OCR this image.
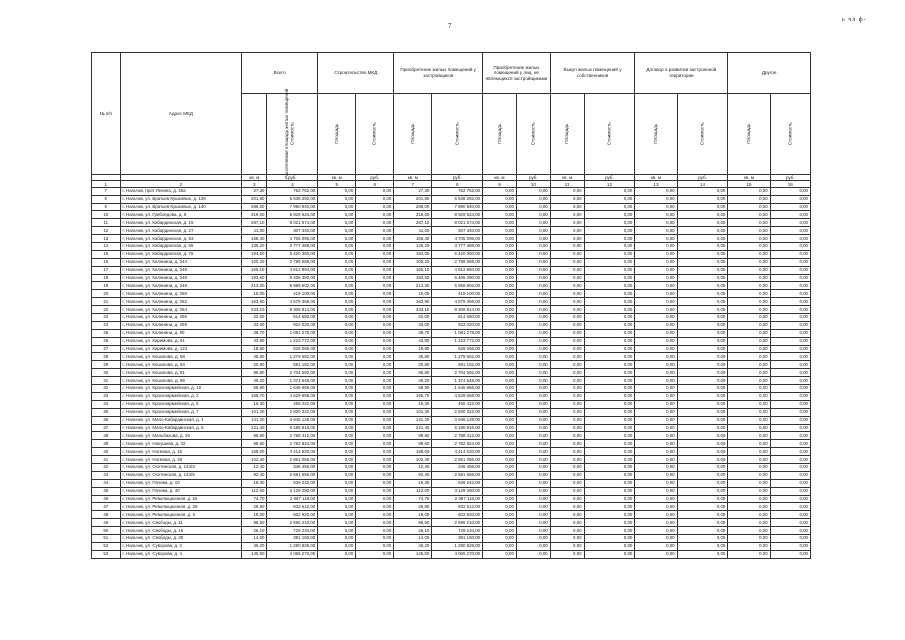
7
ь чл ф-
№ п/п	Адрес МКД	Всего		Строительство МКД		Приобретение жилых помещений у застройщиков		Приобретение жилых помещений у лиц, не являющихся застройщиками		Выкуп жилых помещений у собственников		Договор о развитии застроенной территории		Другое	
		Расселяемая площадь жилых помещений	Стоимость	Площадь	Стоимость	Площадь	Стоимость	Площадь	Стоимость	Площадь	Стоимость	Площадь	Стоимость	Площадь	Стоимость
		кв. м	руб.	кв. м	руб.	кв. м	руб.	кв. м	руб.	кв. м	руб.	кв. м	руб.	кв. м	руб.
1	2	3	4	5	6	7	8	9	10	11	12	13	14	15	16
7	г. Нальчик, прот Ленина, д. 48а	27,30	762 762,00	0,00	0,00	27,30	762 762,00	0,00	0,00	0,00	0,00	0,00	0,00	0,00	0,00
8	г. Нальчик, ул. Братьев Кушховых, д. 139	201,80	5 638 292,00	0,00	0,00	201,80	5 638 292,00	0,00	0,00	0,00	0,00	0,00	0,00	0,00	0,00
9	г. Нальчик, ул. Братьев Кушховых, д. 140	286,00	7 990 840,00	0,00	0,00	286,00	7 990 840,00	0,00	0,00	0,00	0,00	0,00	0,00	0,00	0,00
10	г. Нальчик, ул. Грибоедова, д. 8	319,00	8 929 624,00	0,00	0,00	319,00	8 929 624,00	0,00	0,00	0,00	0,00	0,00	0,00	0,00	0,00
11	г. Нальчик, ул. Кабардинская, д. 15	287,10	8 021 574,00	0,00	0,00	287,10	8 021 574,00	0,00	0,00	0,00	0,00	0,00	0,00	0,00	0,00
12	г. Нальчик, ул. Кабардинская, д. 27	11,00	307 340,00	0,00	0,00	11,00	307 340,00	0,00	0,00	0,00	0,00	0,00	0,00	0,00	0,00
13	г. Нальчик, ул. Кабардинская, д. 63	168,40	4 705 096,00	0,00	0,00	168,40	4 705 096,00	0,00	0,00	0,00	0,00	0,00	0,00	0,00	0,00
14	г. Нальчик, ул. Кабардинская, д. 65	135,20	3 777 488,00	0,00	0,00	135,20	3 777 488,00	0,00	0,00	0,00	0,00	0,00	0,00	0,00	0,00
15	г. Нальчик, ул. Кабардинская, д. 76	194,00	5 420 360,00	0,00	0,00	194,00	5 420 360,00	0,00	0,00	0,00	0,00	0,00	0,00	0,00	0,00
16	г. Нальчик, ул. Калинина, д. 244	100,20	2 799 588,00	0,00	0,00	100,20	2 799 588,00	0,00	0,00	0,00	0,00	0,00	0,00	0,00	0,00
17	г. Нальчик, ул. Калинина, д. 246	165,10	4 612 894,00	0,00	0,00	165,10	4 612 894,00	0,00	0,00	0,00	0,00	0,00	0,00	0,00	0,00
18	г. Нальчик, ул. Калинина, д. 248	193,50	5 406 390,00	0,00	0,00	193,50	5 406 390,00	0,00	0,00	0,00	0,00	0,00	0,00	0,00	0,00
19	г. Нальчик, ул. Калинина, д. 249	213,30	5 959 602,00	0,00	0,00	213,30	5 959 602,00	0,00	0,00	0,00	0,00	0,00	0,00	0,00	0,00
20	г. Нальчик, ул. Калинина, д. 250	15,00	419 100,00	0,00	0,00	15,00	419 100,00	0,00	0,00	0,00	0,00	0,00	0,00	0,00	0,00
21	г. Нальчик, ул. Калинина, д. 252	163,90	4 579 366,00	0,00	0,00	163,90	4 579 366,00	0,00	0,00	0,00	0,00	0,00	0,00	0,00	0,00
22	г. Нальчик, ул. Калинина, д. 254	333,10	9 306 814,00	0,00	0,00	333,10	9 306 814,00	0,00	0,00	0,00	0,00	0,00	0,00	0,00	0,00
23	г. Нальчик, ул. Калинина, д. 256	22,00	614 680,00	0,00	0,00	22,00	614 680,00	0,00	0,00	0,00	0,00	0,00	0,00	0,00	0,00
24	г. Нальчик, ул. Калинина, д. 258	33,00	922 020,00	0,00	0,00	33,00	922 020,00	0,00	0,00	0,00	0,00	0,00	0,00	0,00	0,00
25	г. Нальчик, ул. Калинина, д. 90	38,70	1 081 278,00	0,00	0,00	38,70	1 081 278,00	0,00	0,00	0,00	0,00	0,00	0,00	0,00	0,00
26	г. Нальчик, ул. Киримова, д. 61	43,80	1 223 772,00	0,00	0,00	43,80	1 223 772,00	0,00	0,00	0,00	0,00	0,00	0,00	0,00	0,00
27	г. Нальчик, ул. Киримова, д. 121	18,90	528 066,00	0,00	0,00	18,90	528 066,00	0,00	0,00	0,00	0,00	0,00	0,00	0,00	0,00
28	г. Нальчик, ул. Кешокова, д. 58	45,80	1 279 652,00	0,00	0,00	45,80	1 279 652,00	0,00	0,00	0,00	0,00	0,00	0,00	0,00	0,00
29	г. Нальчик, ул. Кешокова, д. 63	20,80	581 152,00	0,00	0,00	20,80	581 152,00	0,00	0,00	0,00	0,00	0,00	0,00	0,00	0,00
30	г. Нальчик, ул. Кешокова, д. 81	96,80	2 704 592,00	0,00	0,00	96,80	2 704 592,00	0,00	0,00	0,00	0,00	0,00	0,00	0,00	0,00
31	г. Нальчик, ул. Кешокова, д. 99	49,20	1 374 648,00	0,00	0,00	49,20	1 374 648,00	0,00	0,00	0,00	0,00	0,00	0,00	0,00	0,00
32	г. Нальчик, ул. Красноармейская, д. 10	58,90	1 645 666,00	0,00	0,00	58,90	1 645 666,00	0,00	0,00	0,00	0,00	0,00	0,00	0,00	0,00
33	г. Нальчик, ул. Красноармейская, д. 2	165,70	4 629 658,00	0,00	0,00	165,70	4 629 658,00	0,00	0,00	0,00	0,00	0,00	0,00	0,00	0,00
34	г. Нальчик, ул. Красноармейская, д. 6	16,30	455 422,00	0,00	0,00	16,30	455 422,00	0,00	0,00	0,00	0,00	0,00	0,00	0,00	0,00
35	г. Нальчик, ул. Красноармейская, д. 7	101,30	2 830 322,00	0,00	0,00	101,30	2 830 322,00	0,00	0,00	0,00	0,00	0,00	0,00	0,00	0,00
36	г. Нальчик, ул. Мало-Кабардинская, д. 4	141,20	3 945 128,00	0,00	0,00	141,20	3 945 128,00	0,00	0,00	0,00	0,00	0,00	0,00	0,00	0,00
37	г. Нальчик, ул. Мало-Кабардинская, д. 5	221,40	6 185 916,00	0,00	0,00	221,40	6 185 916,00	0,00	0,00	0,00	0,00	0,00	0,00	0,00	0,00
38	г. Нальчик, ул. Мальбахова, д. 26	99,80	2 788 412,00	0,00	0,00	99,80	2 788 412,00	0,00	0,00	0,00	0,00	0,00	0,00	0,00	0,00
39	г. Нальчик, ул. Нахушева, д. 32	99,60	2 782 824,00	0,00	0,00	99,60	2 782 824,00	0,00	0,00	0,00	0,00	0,00	0,00	0,00	0,00
40	г. Нальчик, ул. Ногмова, д. 16	158,00	4 414 520,00	0,00	0,00	158,00	4 414 520,00	0,00	0,00	0,00	0,00	0,00	0,00	0,00	0,00
41	г. Нальчик, ул. Ногмова, д. 29	102,40	2 861 056,00	0,00	0,00	102,40	2 861 056,00	0,00	0,00	0,00	0,00	0,00	0,00	0,00	0,00
42	г. Нальчик, ул. Осетинская, д. 144/3	12,40	346 456,00	0,00	0,00	12,40	346 456,00	0,00	0,00	0,00	0,00	0,00	0,00	0,00	0,00
43	г. Нальчик, ул. Осетинская, д. 144/5	92,40	2 581 656,00	0,00	0,00	92,40	2 581 656,00	0,00	0,00	0,00	0,00	0,00	0,00	0,00	0,00
44	г. Нальчик, ул. Пачева, д. 10	19,30	539 242,00	0,00	0,00	19,30	539 242,00	0,00	0,00	0,00	0,00	0,00	0,00	0,00	0,00
45	г. Нальчик, ул. Пачева, д. 40	112,00	3 129 280,00	0,00	0,00	112,00	3 129 280,00	0,00	0,00	0,00	0,00	0,00	0,00	0,00	0,00
46	г. Нальчик, ул. Революционная, д. 15	74,70	2 087 118,00	0,00	0,00	74,70	2 087 118,00	0,00	0,00	0,00	0,00	0,00	0,00	0,00	0,00
47	г. Нальчик, ул. Революционная, д. 29	29,80	832 612,00	0,00	0,00	29,80	832 612,00	0,00	0,00	0,00	0,00	0,00	0,00	0,00	0,00
48	г. Нальчик, ул. Революционная, д. 5	18,00	502 920,00	0,00	0,00	18,00	502 920,00	0,00	0,00	0,00	0,00	0,00	0,00	0,00	0,00
49	г. Нальчик, ул. Свободы, д. 11	96,50	2 696 210,00	0,00	0,00	96,50	2 696 210,00	0,00	0,00	0,00	0,00	0,00	0,00	0,00	0,00
50	г. Нальчик, ул. Свободы, д. 16	26,10	729 234,00	0,00	0,00	26,10	729 234,00	0,00	0,00	0,00	0,00	0,00	0,00	0,00	0,00
51	г. Нальчик, ул. Свободы, д. 40	14,00	391 160,00	0,00	0,00	14,00	391 160,00	0,00	0,00	0,00	0,00	0,00	0,00	0,00	0,00
52	г. Нальчик, ул. Суворова, д. 2	46,20	1 290 828,00	0,00	0,00	46,20	1 290 828,00	0,00	0,00	0,00	0,00	0,00	0,00	0,00	0,00
53	г. Нальчик, ул. Суворова, д. 4	145,50	4 065 270,00	0,00	0,00	145,50	4 065 270,00	0,00	0,00	0,00	0,00	0,00	0,00	0,00	0,00
